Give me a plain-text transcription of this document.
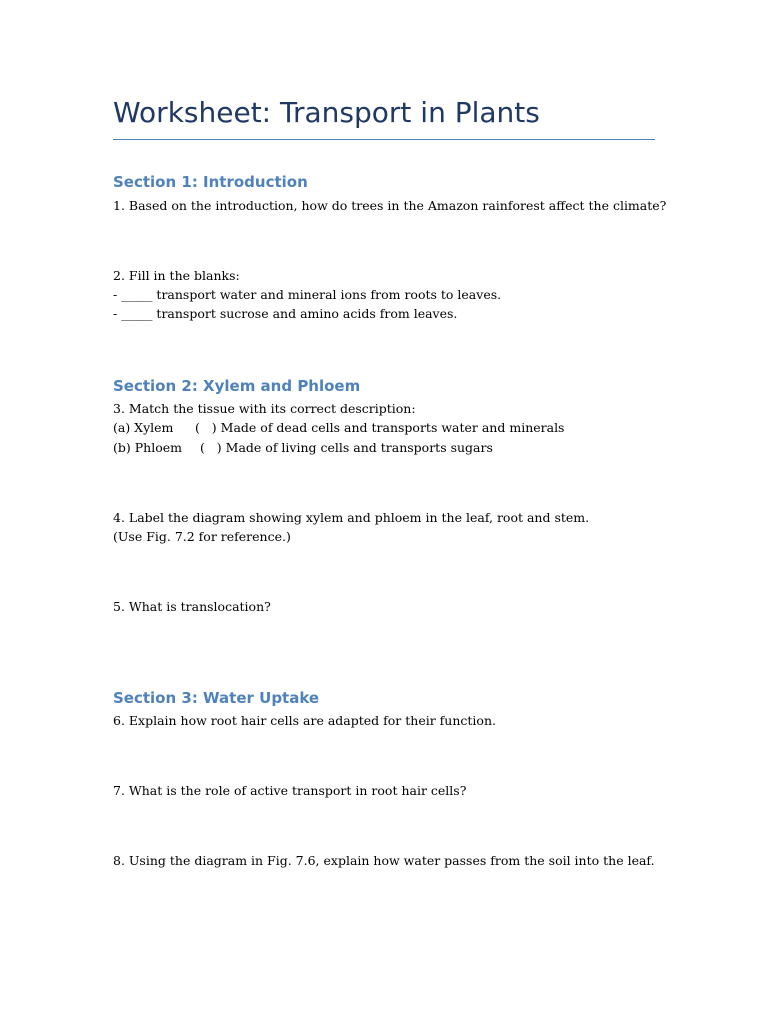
Worksheet: Transport in Plants
Section 1: Introduction

1. Based on the introduction, how do trees in the Amazon rainforest affect the climate?

2. Fill in the blanks:

- _____ transport water and mineral ions from roots to leaves.

- _____ transport sucrose and amino acids from leaves.

Section 2: Xylem and Phloem

3. Match the tissue with its correct description:

(a) Xylem (   ) Made of dead cells and transports water and minerals

(b) Phloem (   ) Made of living cells and transports sugars

4. Label the diagram showing xylem and phloem in the leaf, root and stem.

(Use Fig. 7.2 for reference.)

5. What is translocation?

Section 3: Water Uptake

6. Explain how root hair cells are adapted for their function.

7. What is the role of active transport in root hair cells?

8. Using the diagram in Fig. 7.6, explain how water passes from the soil into the leaf.
